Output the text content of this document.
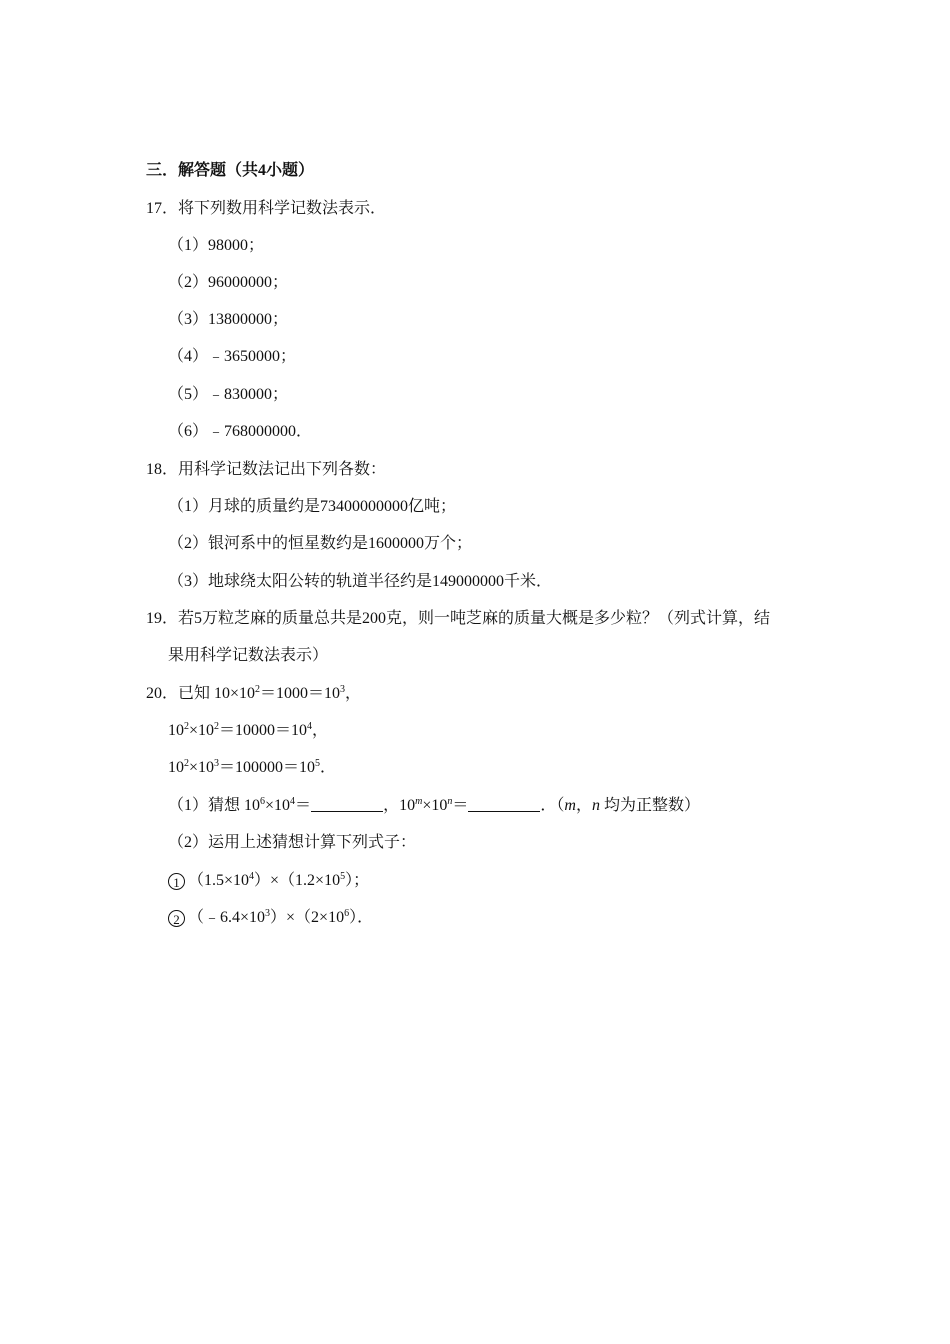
三．解答题（共4小题）
17．将下列数用科学记数法表示．
（1）98000；
（2）96000000；
（3）13800000；
（4）﹣3650000；
（5）﹣830000；
（6）﹣768000000．
18．用科学记数法记出下列各数：
（1）月球的质量约是73400000000亿吨；
（2）银河系中的恒星数约是1600000万个；
（3）地球绕太阳公转的轨道半径约是149000000千米．
19．若5万粒芝麻的质量总共是200克，则一吨芝麻的质量大概是多少粒？（列式计算，结
果用科学记数法表示）
20．已知 $10\times 10^2=1000=10^3$，
$10^2\times 10^2=10000=10^4$，
$10^2\times 10^3=100000=10^5$．
（1）猜想 $10^6\times 10^4=$	，$10^m\times 10^n=$	．（m，n 均为正整数）
（2）运用上述猜想计算下列式子：
1 $(1.5\times 10^4)\times(1.2\times 10^5)$；
2 $(﹣6.4\times 10^3)\times(2\times 10^6)$．
